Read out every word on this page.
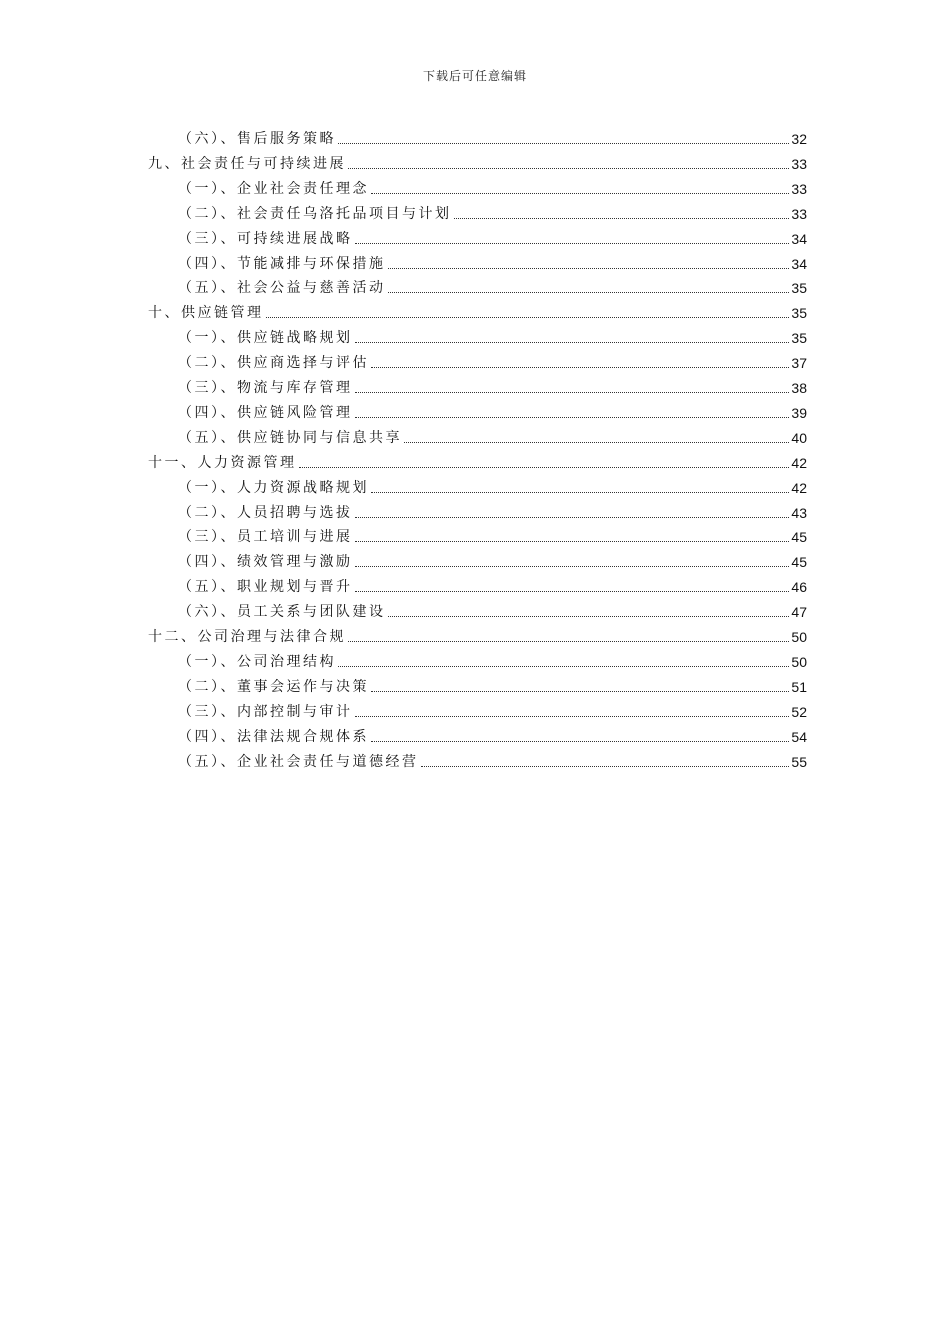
下载后可任意编辑
（六）、售后服务策略	32
九、社会责任与可持续进展	33
（一）、企业社会责任理念	33
（二）、社会责任乌洛托品项目与计划	33
（三）、可持续进展战略	34
（四）、节能减排与环保措施	34
（五）、社会公益与慈善活动	35
十、供应链管理	35
（一）、供应链战略规划	35
（二）、供应商选择与评估	37
（三）、物流与库存管理	38
（四）、供应链风险管理	39
（五）、供应链协同与信息共享	40
十一、人力资源管理	42
（一）、人力资源战略规划	42
（二）、人员招聘与选拔	43
（三）、员工培训与进展	45
（四）、绩效管理与激励	45
（五）、职业规划与晋升	46
（六）、员工关系与团队建设	47
十二、公司治理与法律合规	50
（一）、公司治理结构	50
（二）、董事会运作与决策	51
（三）、内部控制与审计	52
（四）、法律法规合规体系	54
（五）、企业社会责任与道德经营	55
